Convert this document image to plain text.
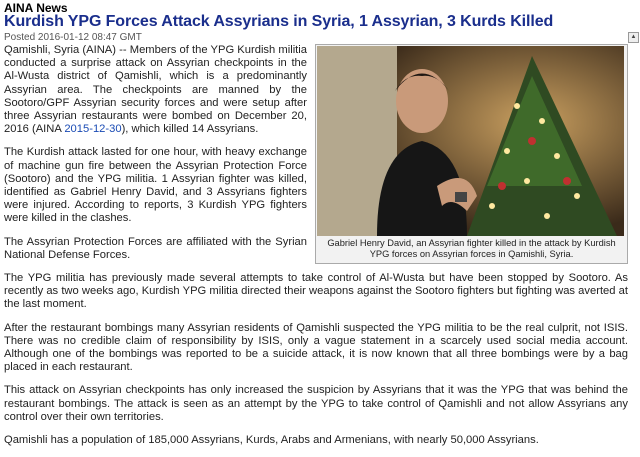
AINA News
Kurdish YPG Forces Attack Assyrians in Syria, 1 Assyrian, 3 Kurds Killed
Posted 2016-01-12 08:47 GMT	▲
Gabriel Henry David, an Assyrian fighter killed in the attack by Kurdish YPG forces on Assyrian forces in Qamishli, Syria.

Qamishli, Syria (AINA) -- Members of the YPG Kurdish militia conducted a surprise attack on Assyrian checkpoints in the Al-Wusta district of Qamishli, which is a predominantly Assyrian area. The checkpoints are manned by the Sootoro/GPF Assyrian security forces and were setup after three Assyrian restaurants were bombed on December 20, 2016 (AINA 2015-12-30), which killed 14 Assyrians.

The Kurdish attack lasted for one hour, with heavy exchange of machine gun fire between the Assyrian Protection Force (Sootoro) and the YPG militia. 1 Assyrian fighter was killed, identified as Gabriel Henry David, and 3 Assyrians fighters were injured. According to reports, 3 Kurdish YPG fighters were killed in the clashes.

The Assyrian Protection Forces are affiliated with the Syrian National Defense Forces.

The YPG militia has previously made several attempts to take control of Al-Wusta but have been stopped by Sootoro. As recently as two weeks ago, Kurdish YPG militia directed their weapons against the Sootoro fighters but fighting was averted at the last moment.

After the restaurant bombings many Assyrian residents of Qamishli suspected the YPG militia to be the real culprit, not ISIS. There was no credible claim of responsibility by ISIS, only a vague statement in a scarcely used social media account. Although one of the bombings was reported to be a suicide attack, it is now known that all three bombings were by a bag placed in each restaurant.

This attack on Assyrian checkpoints has only increased the suspicion by Assyrians that it was the YPG that was behind the restaurant bombings. The attack is seen as an attempt by the YPG to take control of Qamishli and not allow Assyrians any control over their own territories.

Qamishli has a population of 185,000 Assyrians, Kurds, Arabs and Armenians, with nearly 50,000 Assyrians.
